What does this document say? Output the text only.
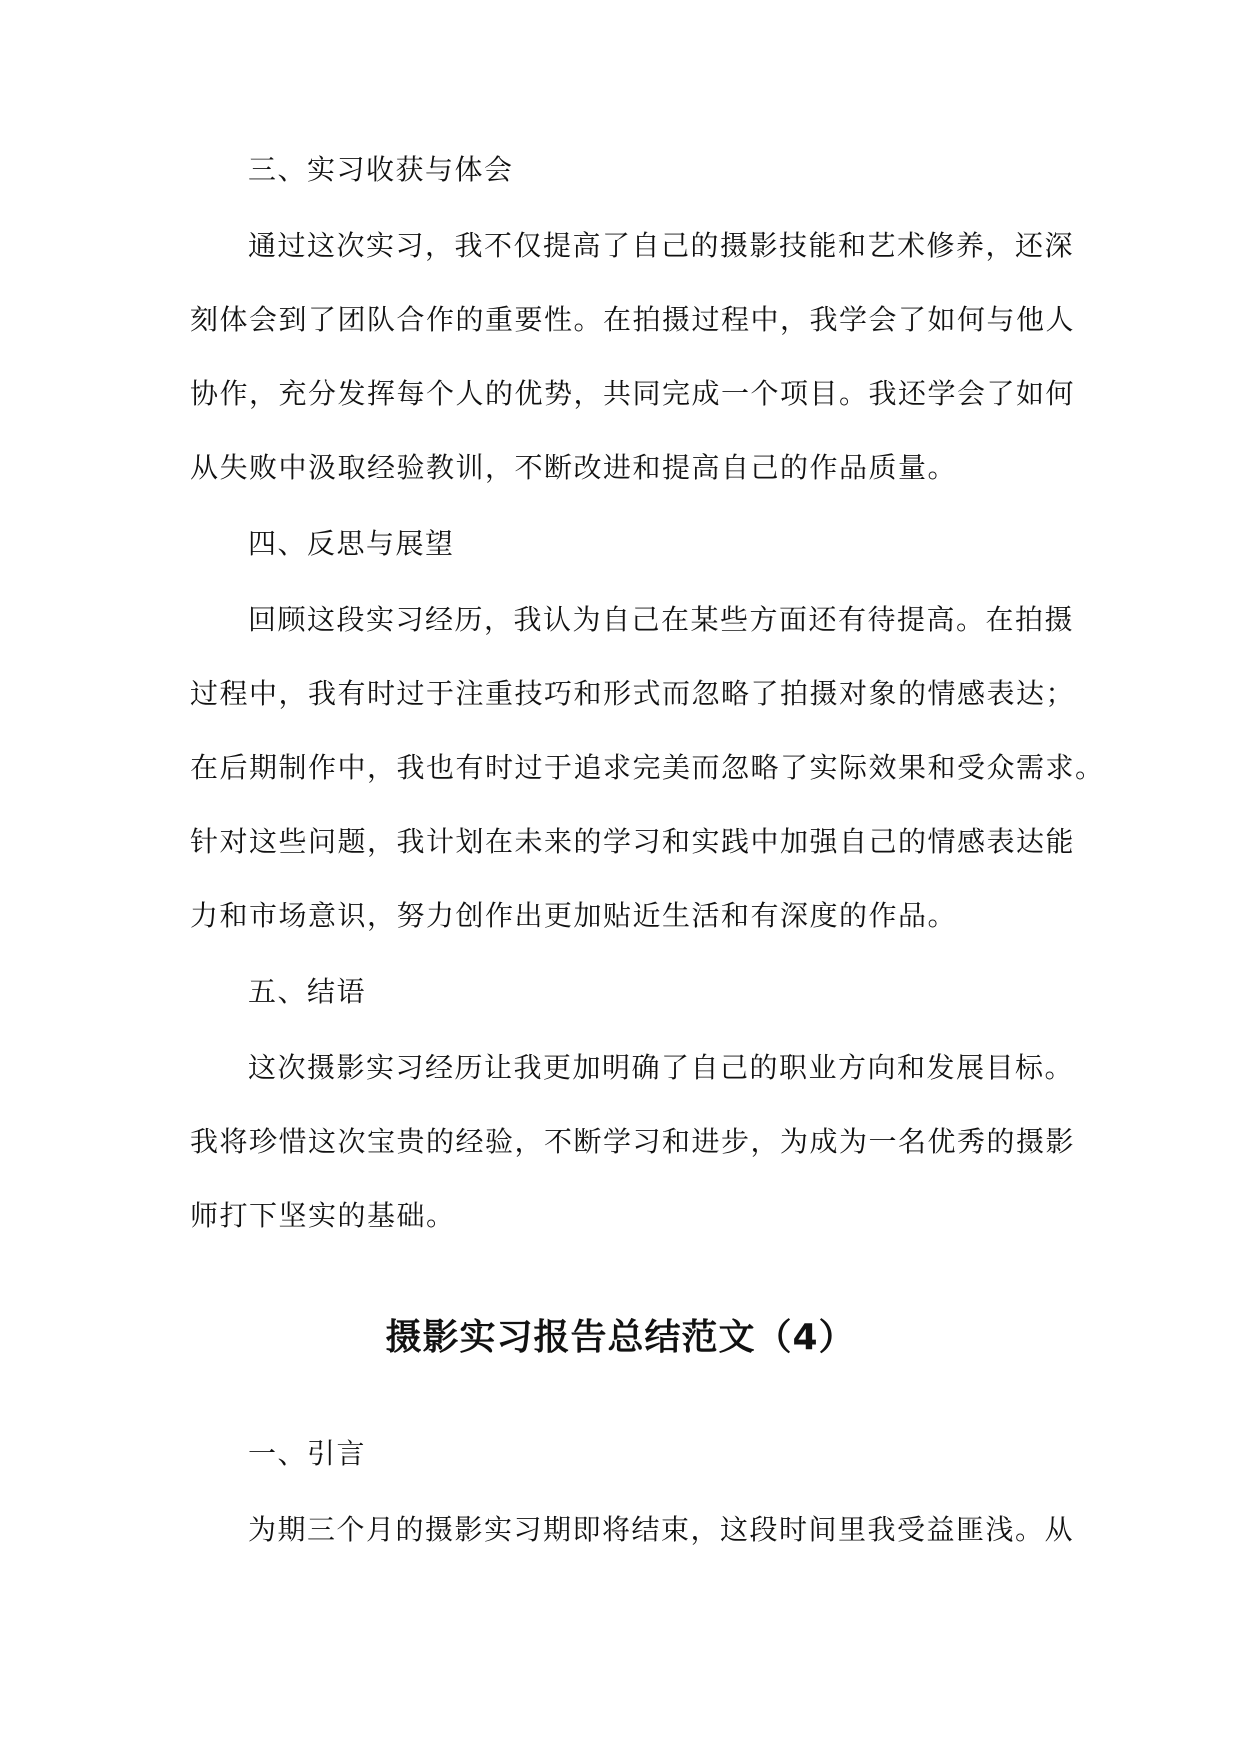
三、实习收获与体会
通过这次实习，我不仅提高了自己的摄影技能和艺术修养，还深
刻体会到了团队合作的重要性。在拍摄过程中，我学会了如何与他人
协作，充分发挥每个人的优势，共同完成一个项目。我还学会了如何
从失败中汲取经验教训，不断改进和提高自己的作品质量。
四、反思与展望
回顾这段实习经历，我认为自己在某些方面还有待提高。在拍摄
过程中，我有时过于注重技巧和形式而忽略了拍摄对象的情感表达；
在后期制作中，我也有时过于追求完美而忽略了实际效果和受众需求。
针对这些问题，我计划在未来的学习和实践中加强自己的情感表达能
力和市场意识，努力创作出更加贴近生活和有深度的作品。
五、结语
这次摄影实习经历让我更加明确了自己的职业方向和发展目标。
我将珍惜这次宝贵的经验，不断学习和进步，为成为一名优秀的摄影
师打下坚实的基础。
摄影实习报告总结范文（4）
一、引言
为期三个月的摄影实习期即将结束，这段时间里我受益匪浅。从
